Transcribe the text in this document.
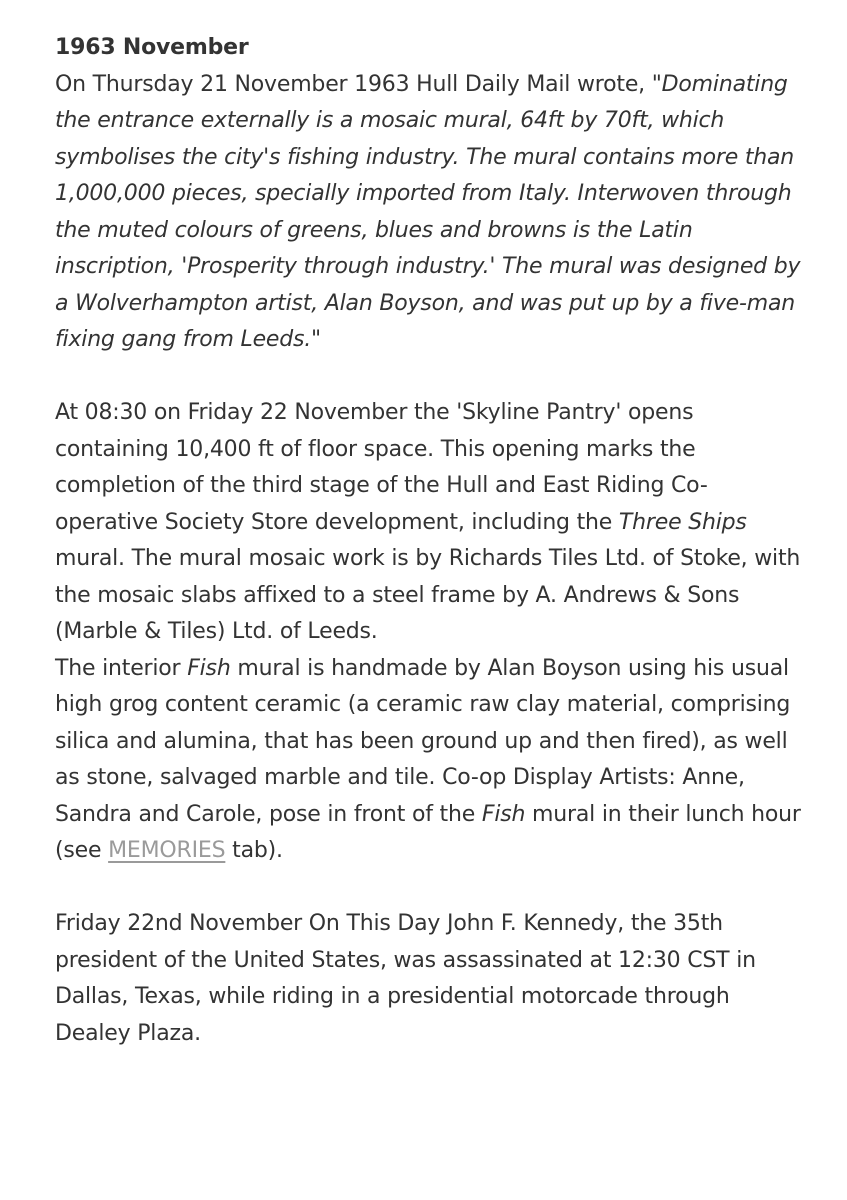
1963 November

On Thursday 21 November 1963 Hull Daily Mail wrote, "Dominating the entrance externally is a mosaic mural, 64ft by 70ft, which symbolises the city's fishing industry. The mural contains more than 1,000,000 pieces, specially imported from Italy. Interwoven through the muted colours of greens, blues and browns is the Latin inscription, 'Prosperity through industry.' The mural was designed by a Wolverhampton artist, Alan Boyson, and was put up by a five-man fixing gang from Leeds."

At 08:30 on Friday 22 November the 'Skyline Pantry' opens containing 10,400 ft of floor space. This opening marks the completion of the third stage of the Hull and East Riding Co-operative Society Store development, including the Three Ships mural. The mural mosaic work is by Richards Tiles Ltd. of Stoke, with the mosaic slabs affixed to a steel frame by A. Andrews & Sons (Marble & Tiles) Ltd. of Leeds.

The interior Fish mural is handmade by Alan Boyson using his usual high grog content ceramic (a ceramic raw clay material, comprising silica and alumina, that has been ground up and then fired), as well as stone, salvaged marble and tile. Co-op Display Artists: Anne, Sandra and Carole, pose in front of the Fish mural in their lunch hour (see MEMORIES tab).

Friday 22nd November On This Day John F. Kennedy, the 35th president of the United States, was assassinated at 12:30 CST in Dallas, Texas, while riding in a presidential motorcade through Dealey Plaza.
